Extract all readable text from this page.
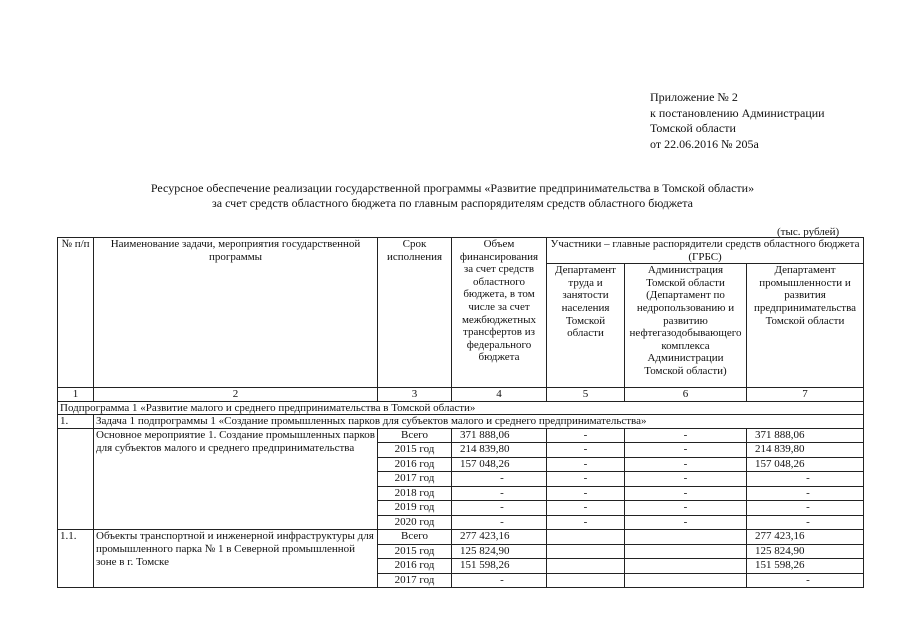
Приложение № 2
к постановлению Администрации
Томской области
от 22.06.2016 № 205а
Ресурсное обеспечение реализации государственной программы «Развитие предпринимательства в Томской области»
за счет средств областного бюджета по главным распорядителям средств областного бюджета
(тыс. рублей)
№ п/п	Наименование задачи, мероприятия государственной программы	Срок исполнения	Объем финансирования за счет средств областного бюджета, в том числе за счет межбюджетных трансфертов из федерального бюджета	Участники – главные распорядители средств областного бюджета (ГРБС)		
				Департамент труда и занятости населения Томской области	Администрация Томской области (Департамент по недропользованию и развитию нефтегазодобывающего комплекса Администрации Томской области)	Департамент промышленности и развития предпринимательства Томской области
1	2	3	4	5	6	7
Подпрограмма 1 «Развитие малого и среднего предпринимательства в Томской области»						
1.	Задача 1 подпрограммы 1 «Создание промышленных парков для субъектов малого и среднего предпринимательства»					
	Основное мероприятие 1. Создание промышленных парков для субъектов малого и среднего предпринимательства	Всего	371 888,06	-	-	371 888,06
		2015 год	214 839,80	-	-	214 839,80
		2016 год	157 048,26	-	-	157 048,26
		2017 год	-	-	-	-
		2018 год	-	-	-	-
		2019 год	-	-	-	-
		2020 год	-	-	-	-
1.1.	Объекты транспортной и инженерной инфраструктуры для промышленного парка № 1 в Северной промышленной зоне в г. Томске	Всего	277 423,16			277 423,16
		2015 год	125 824,90			125 824,90
		2016 год	151 598,26			151 598,26
		2017 год	-			-
